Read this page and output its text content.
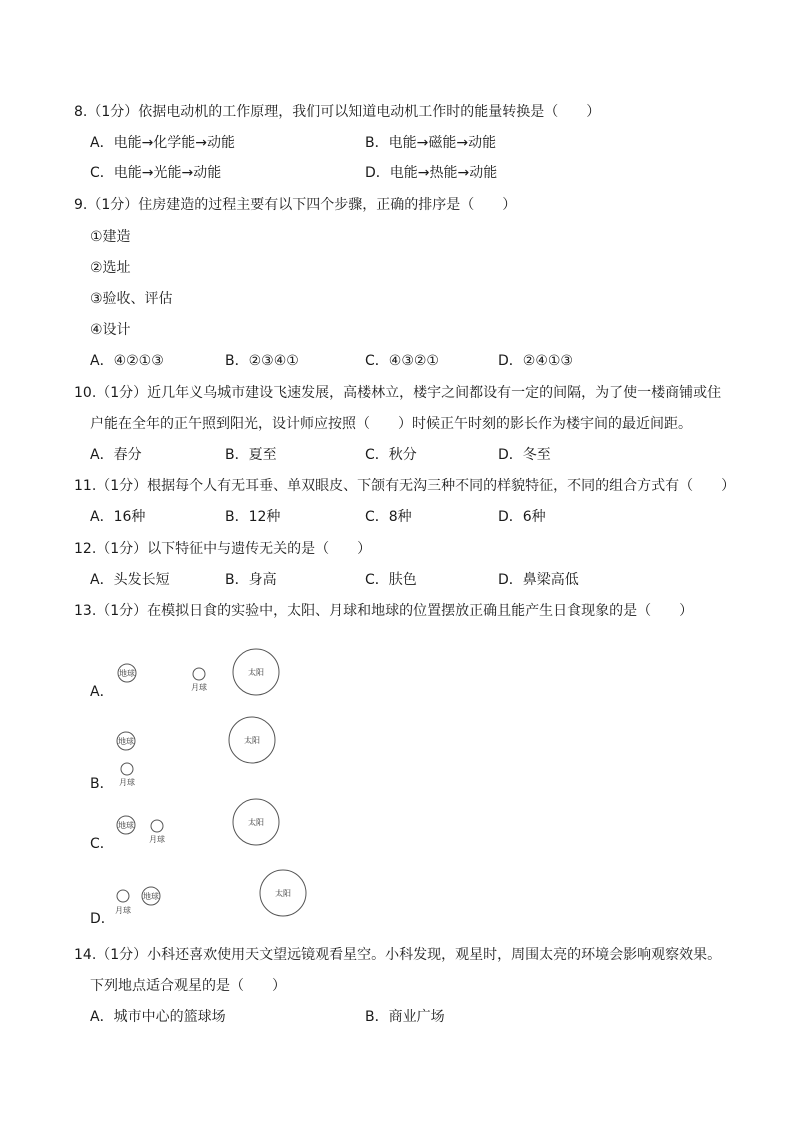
8.（1分）依据电动机的工作原理，我们可以知道电动机工作时的能量转换是（　　）
A．电能→化学能→动能	B．电能→磁能→动能
C．电能→光能→动能	D．电能→热能→动能
9.（1分）住房建造的过程主要有以下四个步骤，正确的排序是（　　）
①建造
②选址
③验收、评估
④设计
A．④②①③	B．②③④①	C．④③②①	D．②④①③
10.（1分）近几年义乌城市建设飞速发展，高楼林立，楼宇之间都设有一定的间隔，为了使一楼商铺或住
户能在全年的正午照到阳光，设计师应按照（　　）时候正午时刻的影长作为楼宇间的最近间距。
A．春分	B．夏至	C．秋分	D．冬至
11.（1分）根据每个人有无耳垂、单双眼皮、下颌有无沟三种不同的样貌特征，不同的组合方式有（　　）
A．16种	B．12种	C．8种	D．6种
12.（1分）以下特征中与遗传无关的是（　　）
A．头发长短	B．身高	C．肤色	D．鼻梁高低
13.（1分）在模拟日食的实验中，太阳、月球和地球的位置摆放正确且能产生日食现象的是（　　）
地球
月球
太阳
A．
地球
月球
太阳
B．
地球
月球
太阳
C．
月球
地球	太阳
D．
14.（1分）小科还喜欢使用天文望远镜观看星空。小科发现，观星时，周围太亮的环境会影响观察效果。
下列地点适合观星的是（　　）
A．城市中心的篮球场	B．商业广场
